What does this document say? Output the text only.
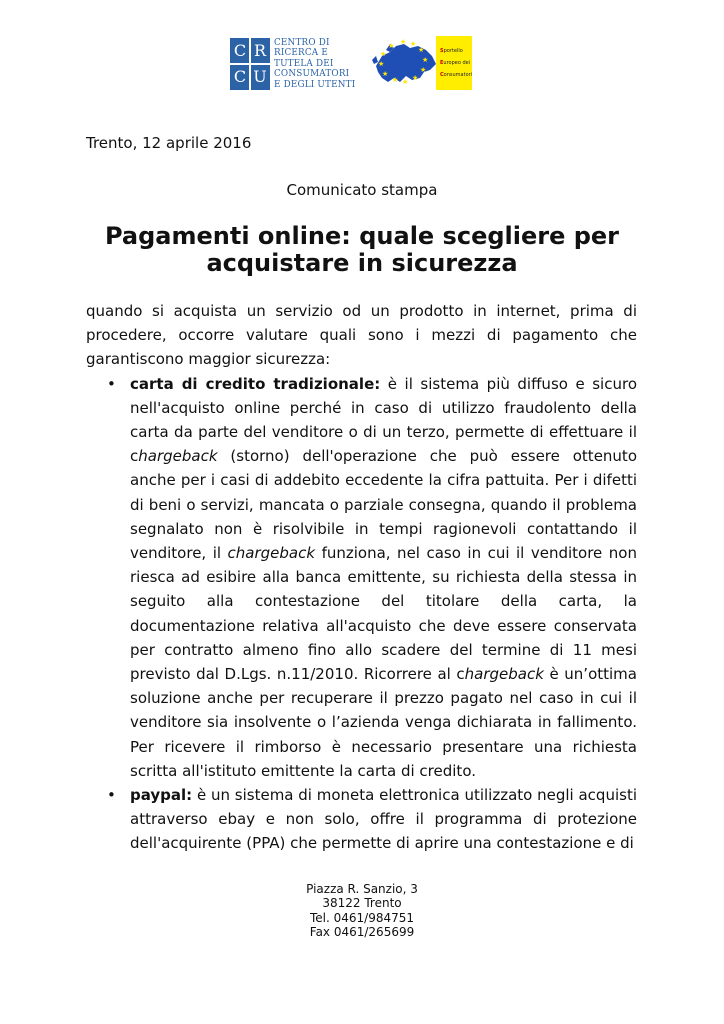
C R
C U
CENTRO DI
RICERCA E
TUTELA DEI
CONSUMATORI
E DEGLI UTENTI
★ ★
★
★
★
★
★
★
★
★
★
★
Sportello
Europeo dei
Consumatori
Trento, 12 aprile 2016
Comunicato stampa
Pagamenti online: quale scegliere per
acquistare in sicurezza

quando si acquista un servizio od un prodotto in internet, prima di procedere, occorre valutare quali sono i mezzi di pagamento che garantiscono maggior sicurezza:

• carta di credito tradizionale: è il sistema più diffuso e sicuro nell'acquisto online perché in caso di utilizzo fraudolento della carta da parte del venditore o di un terzo, permette di effettuare il chargeback (storno) dell'operazione che può essere ottenuto anche per i casi di addebito eccedente la cifra pattuita. Per i difetti di beni o servizi, mancata o parziale consegna, quando il problema segnalato non è risolvibile in tempi ragionevoli contattando il venditore, il chargeback funziona, nel caso in cui il venditore non riesca ad esibire alla banca emittente, su richiesta della stessa in seguito alla contestazione del titolare della carta, la documentazione relativa all'acquisto che deve essere conservata per contratto almeno fino allo scadere del termine di 11 mesi previsto dal D.Lgs. n.11/2010. Ricorrere al chargeback è un’ottima soluzione anche per recuperare il prezzo pagato nel caso in cui il venditore sia insolvente o l’azienda venga dichiarata in fallimento. Per ricevere il rimborso è necessario presentare una richiesta scritta all'istituto emittente la carta di credito.
• paypal: è un sistema di moneta elettronica utilizzato negli acquisti attraverso ebay e non solo, offre il programma di protezione dell'acquirente (PPA) che permette di aprire una contestazione e di
Piazza R. Sanzio, 3
38122 Trento
Tel. 0461/984751
Fax 0461/265699
